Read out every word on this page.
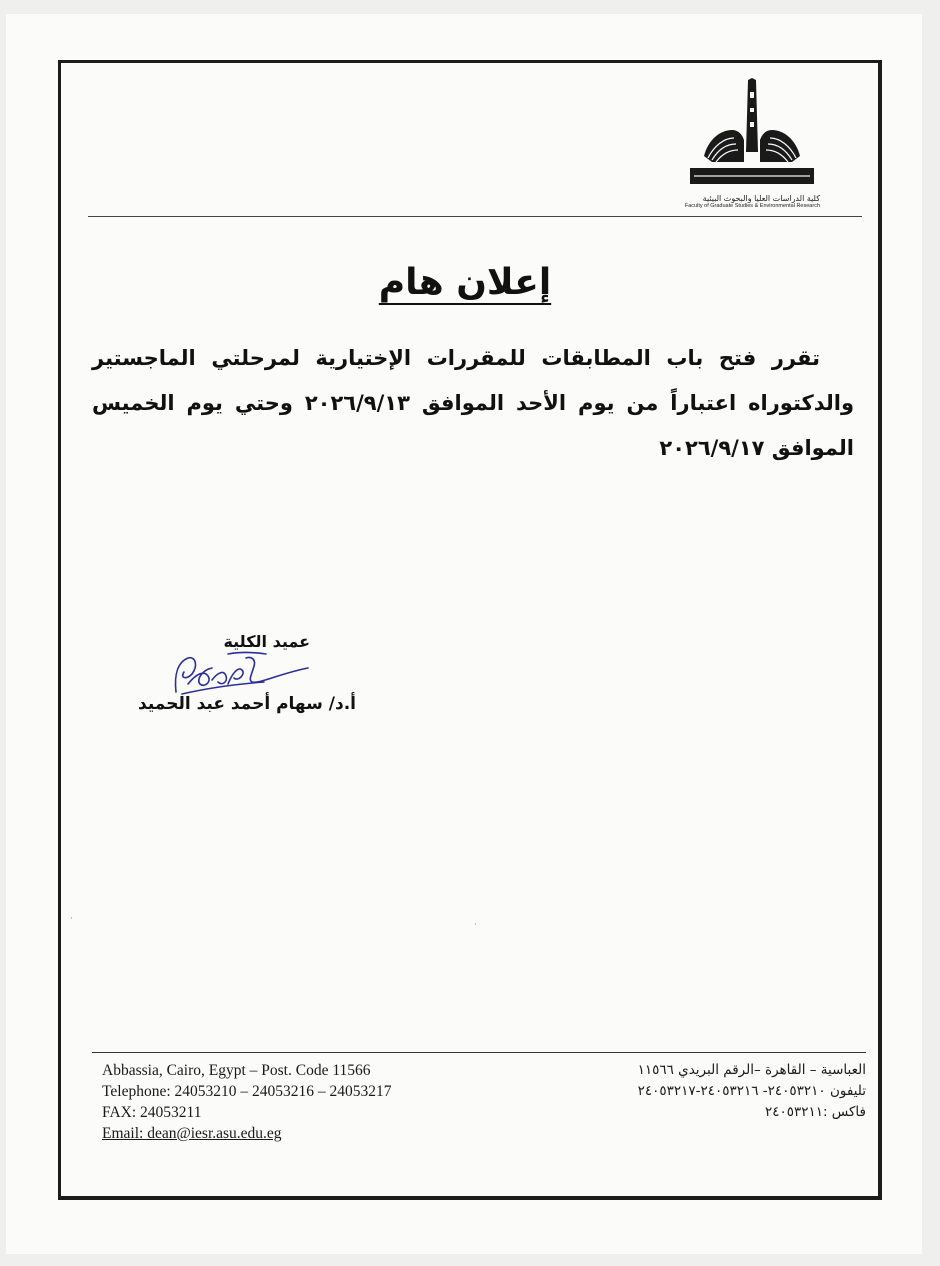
كلية الدراسات العليا والبحوث البيئية
Faculty of Graduate Studies & Environmental Research
إعلان هام
تقرر فتح باب المطابقات للمقررات الإختيارية لمرحلتي الماجستير والدكتوراه اعتباراً من يوم الأحد الموافق ٢٠٢٦/٩/١٣ وحتي يوم الخميس الموافق ٢٠٢٦/٩/١٧
عميد الكلية
أ.د/ سهام أحمد عبد الحميد
·
·
Abbassia, Cairo, Egypt – Post. Code 11566
Telephone: 24053210 – 24053216 – 24053217
FAX: 24053211
Email: dean@iesr.asu.edu.eg
العباسية – القاهرة –الرقم البريدي ١١٥٦٦
تليفون ٢٤٠٥٣٢١٠- ٢٤٠٥٣٢١٦-٢٤٠٥٣٢١٧
فاكس :٢٤٠٥٣٢١١
